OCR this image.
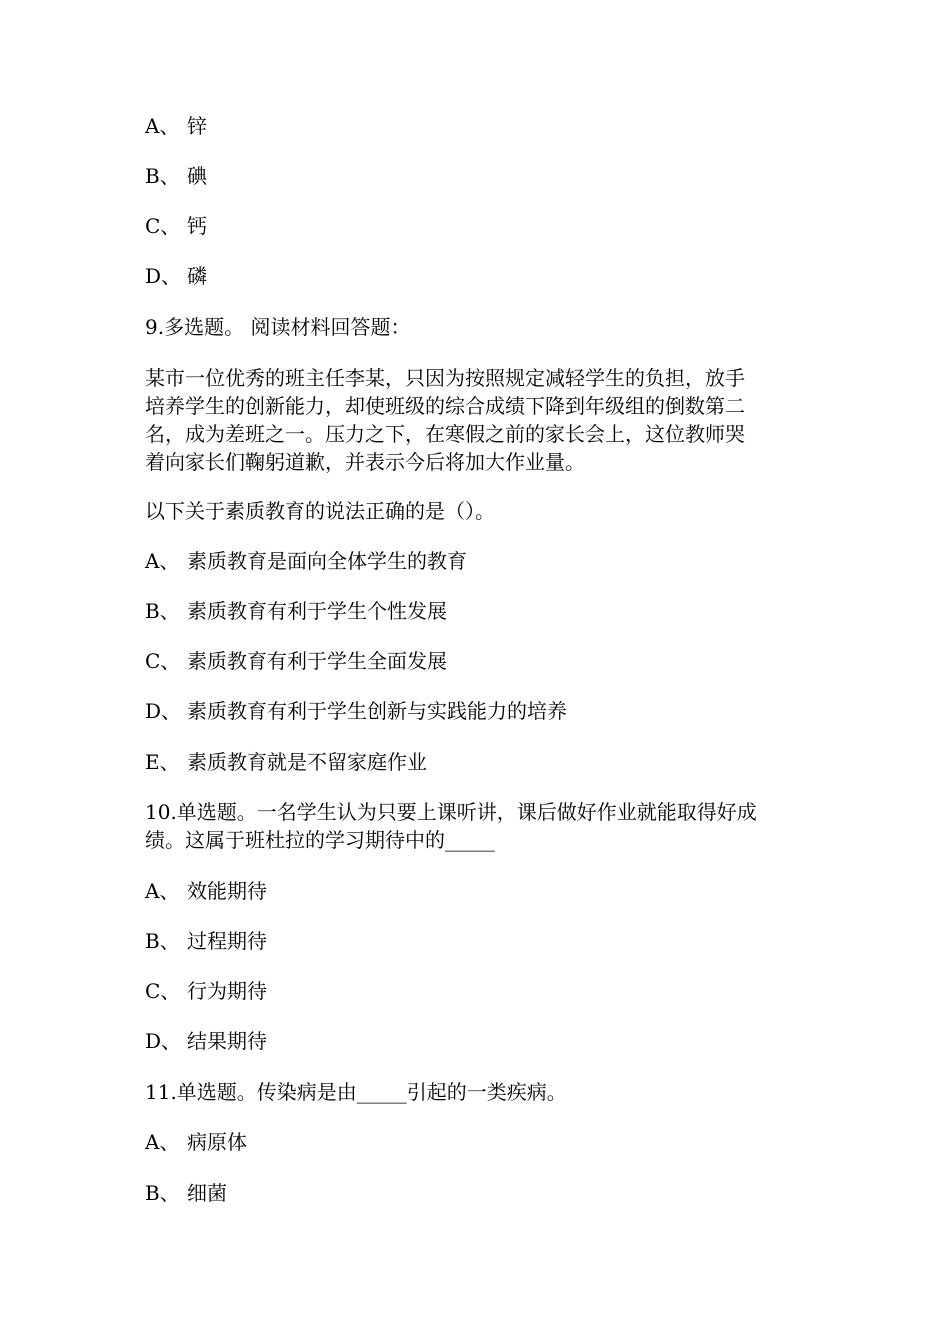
A、 锌
B、 碘
C、 钙
D、 磷
9.多选题。 阅读材料回答题：
某市一位优秀的班主任李某，只因为按照规定减轻学生的负担，放手
培养学生的创新能力，却使班级的综合成绩下降到年级组的倒数第二
名，成为差班之一。压力之下，在寒假之前的家长会上，这位教师哭
着向家长们鞠躬道歉，并表示今后将加大作业量。
以下关于素质教育的说法正确的是（）。
A、 素质教育是面向全体学生的教育
B、 素质教育有利于学生个性发展
C、 素质教育有利于学生全面发展
D、 素质教育有利于学生创新与实践能力的培养
E、 素质教育就是不留家庭作业
10.单选题。一名学生认为只要上课听讲，课后做好作业就能取得好成
绩。这属于班杜拉的学习期待中的_____
A、 效能期待
B、 过程期待
C、 行为期待
D、 结果期待
11.单选题。传染病是由_____引起的一类疾病。
A、 病原体
B、 细菌
